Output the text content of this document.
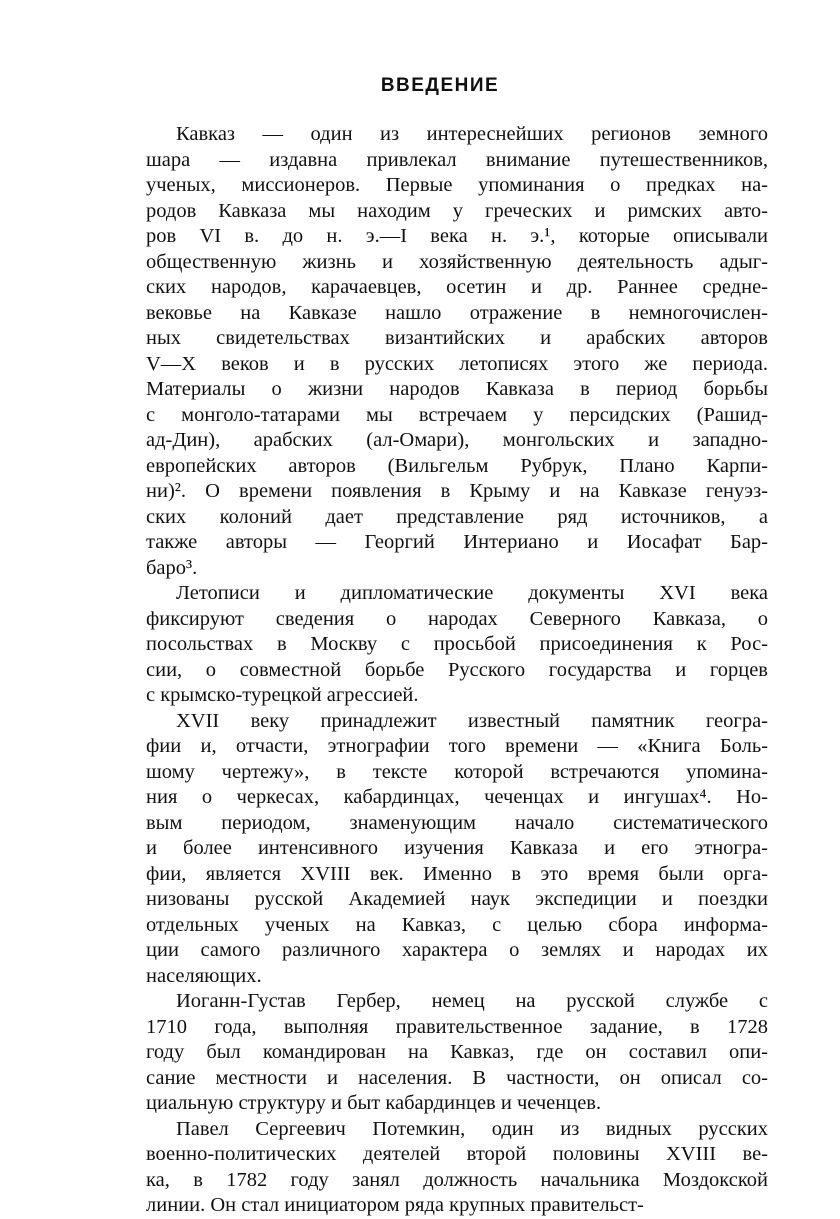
ВВЕДЕНИЕ
Кавказ — один из интереснейших регионов земного
шара — издавна привлекал внимание путешественников,
ученых, миссионеров. Первые упоминания о предках на-
родов Кавказа мы находим у греческих и римских авто-
ров VI в. до н. э.—I века н. э.¹, которые описывали
общественную жизнь и хозяйственную деятельность адыг-
ских народов, карачаевцев, осетин и др. Раннее средне-
вековье на Кавказе нашло отражение в немногочислен-
ных свидетельствах византийских и арабских авторов
V—X веков и в русских летописях этого же периода.
Материалы о жизни народов Кавказа в период борьбы
с монголо-татарами мы встречаем у персидских (Рашид-
ад-Дин), арабских (ал-Омари), монгольских и западно-
европейских авторов (Вильгельм Рубрук, Плано Карпи-
ни)². О времени появления в Крыму и на Кавказе генуэз-
ских колоний дает представление ряд источников, а
также авторы — Георгий Интериано и Иосафат Бар-
баро³.
Летописи и дипломатические документы XVI века
фиксируют сведения о народах Северного Кавказа, о
посольствах в Москву с просьбой присоединения к Рос-
сии, о совместной борьбе Русского государства и горцев
с крымско-турецкой агрессией.
XVII веку принадлежит известный памятник геогра-
фии и, отчасти, этнографии того времени — «Книга Боль-
шому чертежу», в тексте которой встречаются упомина-
ния о черкесах, кабардинцах, чеченцах и ингушах⁴. Но-
вым периодом, знаменующим начало систематического
и более интенсивного изучения Кавказа и его этногра-
фии, является XVIII век. Именно в это время были орга-
низованы русской Академией наук экспедиции и поездки
отдельных ученых на Кавказ, с целью сбора информа-
ции самого различного характера о землях и народах их
населяющих.
Иоганн-Густав Гербер, немец на русской службе с
1710 года, выполняя правительственное задание, в 1728
году был командирован на Кавказ, где он составил опи-
сание местности и населения. В частности, он описал со-
циальную структуру и быт кабардинцев и чеченцев.
Павел Сергеевич Потемкин, один из видных русских
военно-политических деятелей второй половины XVIII ве-
ка, в 1782 году занял должность начальника Моздокской
линии. Он стал инициатором ряда крупных правительст-
